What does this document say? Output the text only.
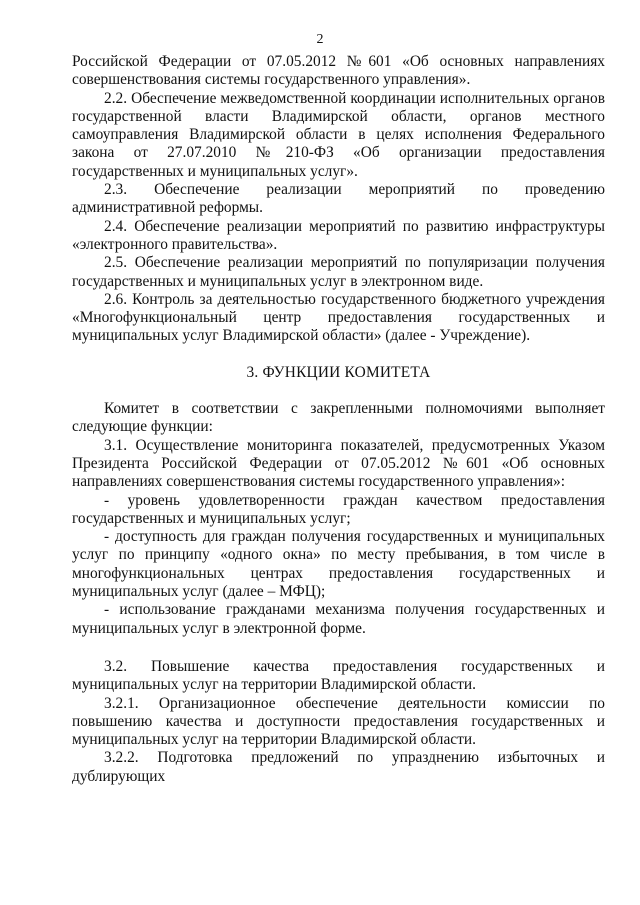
2

Российской Федерации от 07.05.2012 №601 «Об основных направлениях совершенствования системы государственного управления».

2.2. Обеспечение межведомственной координации исполнительных органов государственной власти Владимирской области, органов местного самоуправления Владимирской области в целях исполнения Федерального закона от 27.07.2010 №210-ФЗ «Об организации предоставления государственных и муниципальных услуг».

2.3. Обеспечение реализации мероприятий по проведению административной реформы.

2.4. Обеспечение реализации мероприятий по развитию инфраструктуры «электронного правительства».

2.5. Обеспечение реализации мероприятий по популяризации получения государственных и муниципальных услуг в электронном виде.

2.6. Контроль за деятельностью государственного бюджетного учреждения «Многофункциональный центр предоставления государственных и муниципальных услуг Владимирской области» (далее - Учреждение).

3. ФУНКЦИИ КОМИТЕТА

Комитет в соответствии с закрепленными полномочиями выполняет следующие функции:

3.1. Осуществление мониторинга показателей, предусмотренных Указом Президента Российской Федерации от 07.05.2012 №601 «Об основных направлениях совершенствования системы государственного управления»:

- уровень удовлетворенности граждан качеством предоставления государственных и муниципальных услуг;

- доступность для граждан получения государственных и муниципальных услуг по принципу «одного окна» по месту пребывания, в том числе в многофункциональных центрах предоставления государственных и муниципальных услуг (далее – МФЦ);

- использование гражданами механизма получения государственных и муниципальных услуг в электронной форме.

3.2. Повышение качества предоставления государственных и муниципальных услуг на территории Владимирской области.

3.2.1. Организационное обеспечение деятельности комиссии по повышению качества и доступности предоставления государственных и муниципальных услуг на территории Владимирской области.

3.2.2. Подготовка предложений по упразднению избыточных и дублирующих
